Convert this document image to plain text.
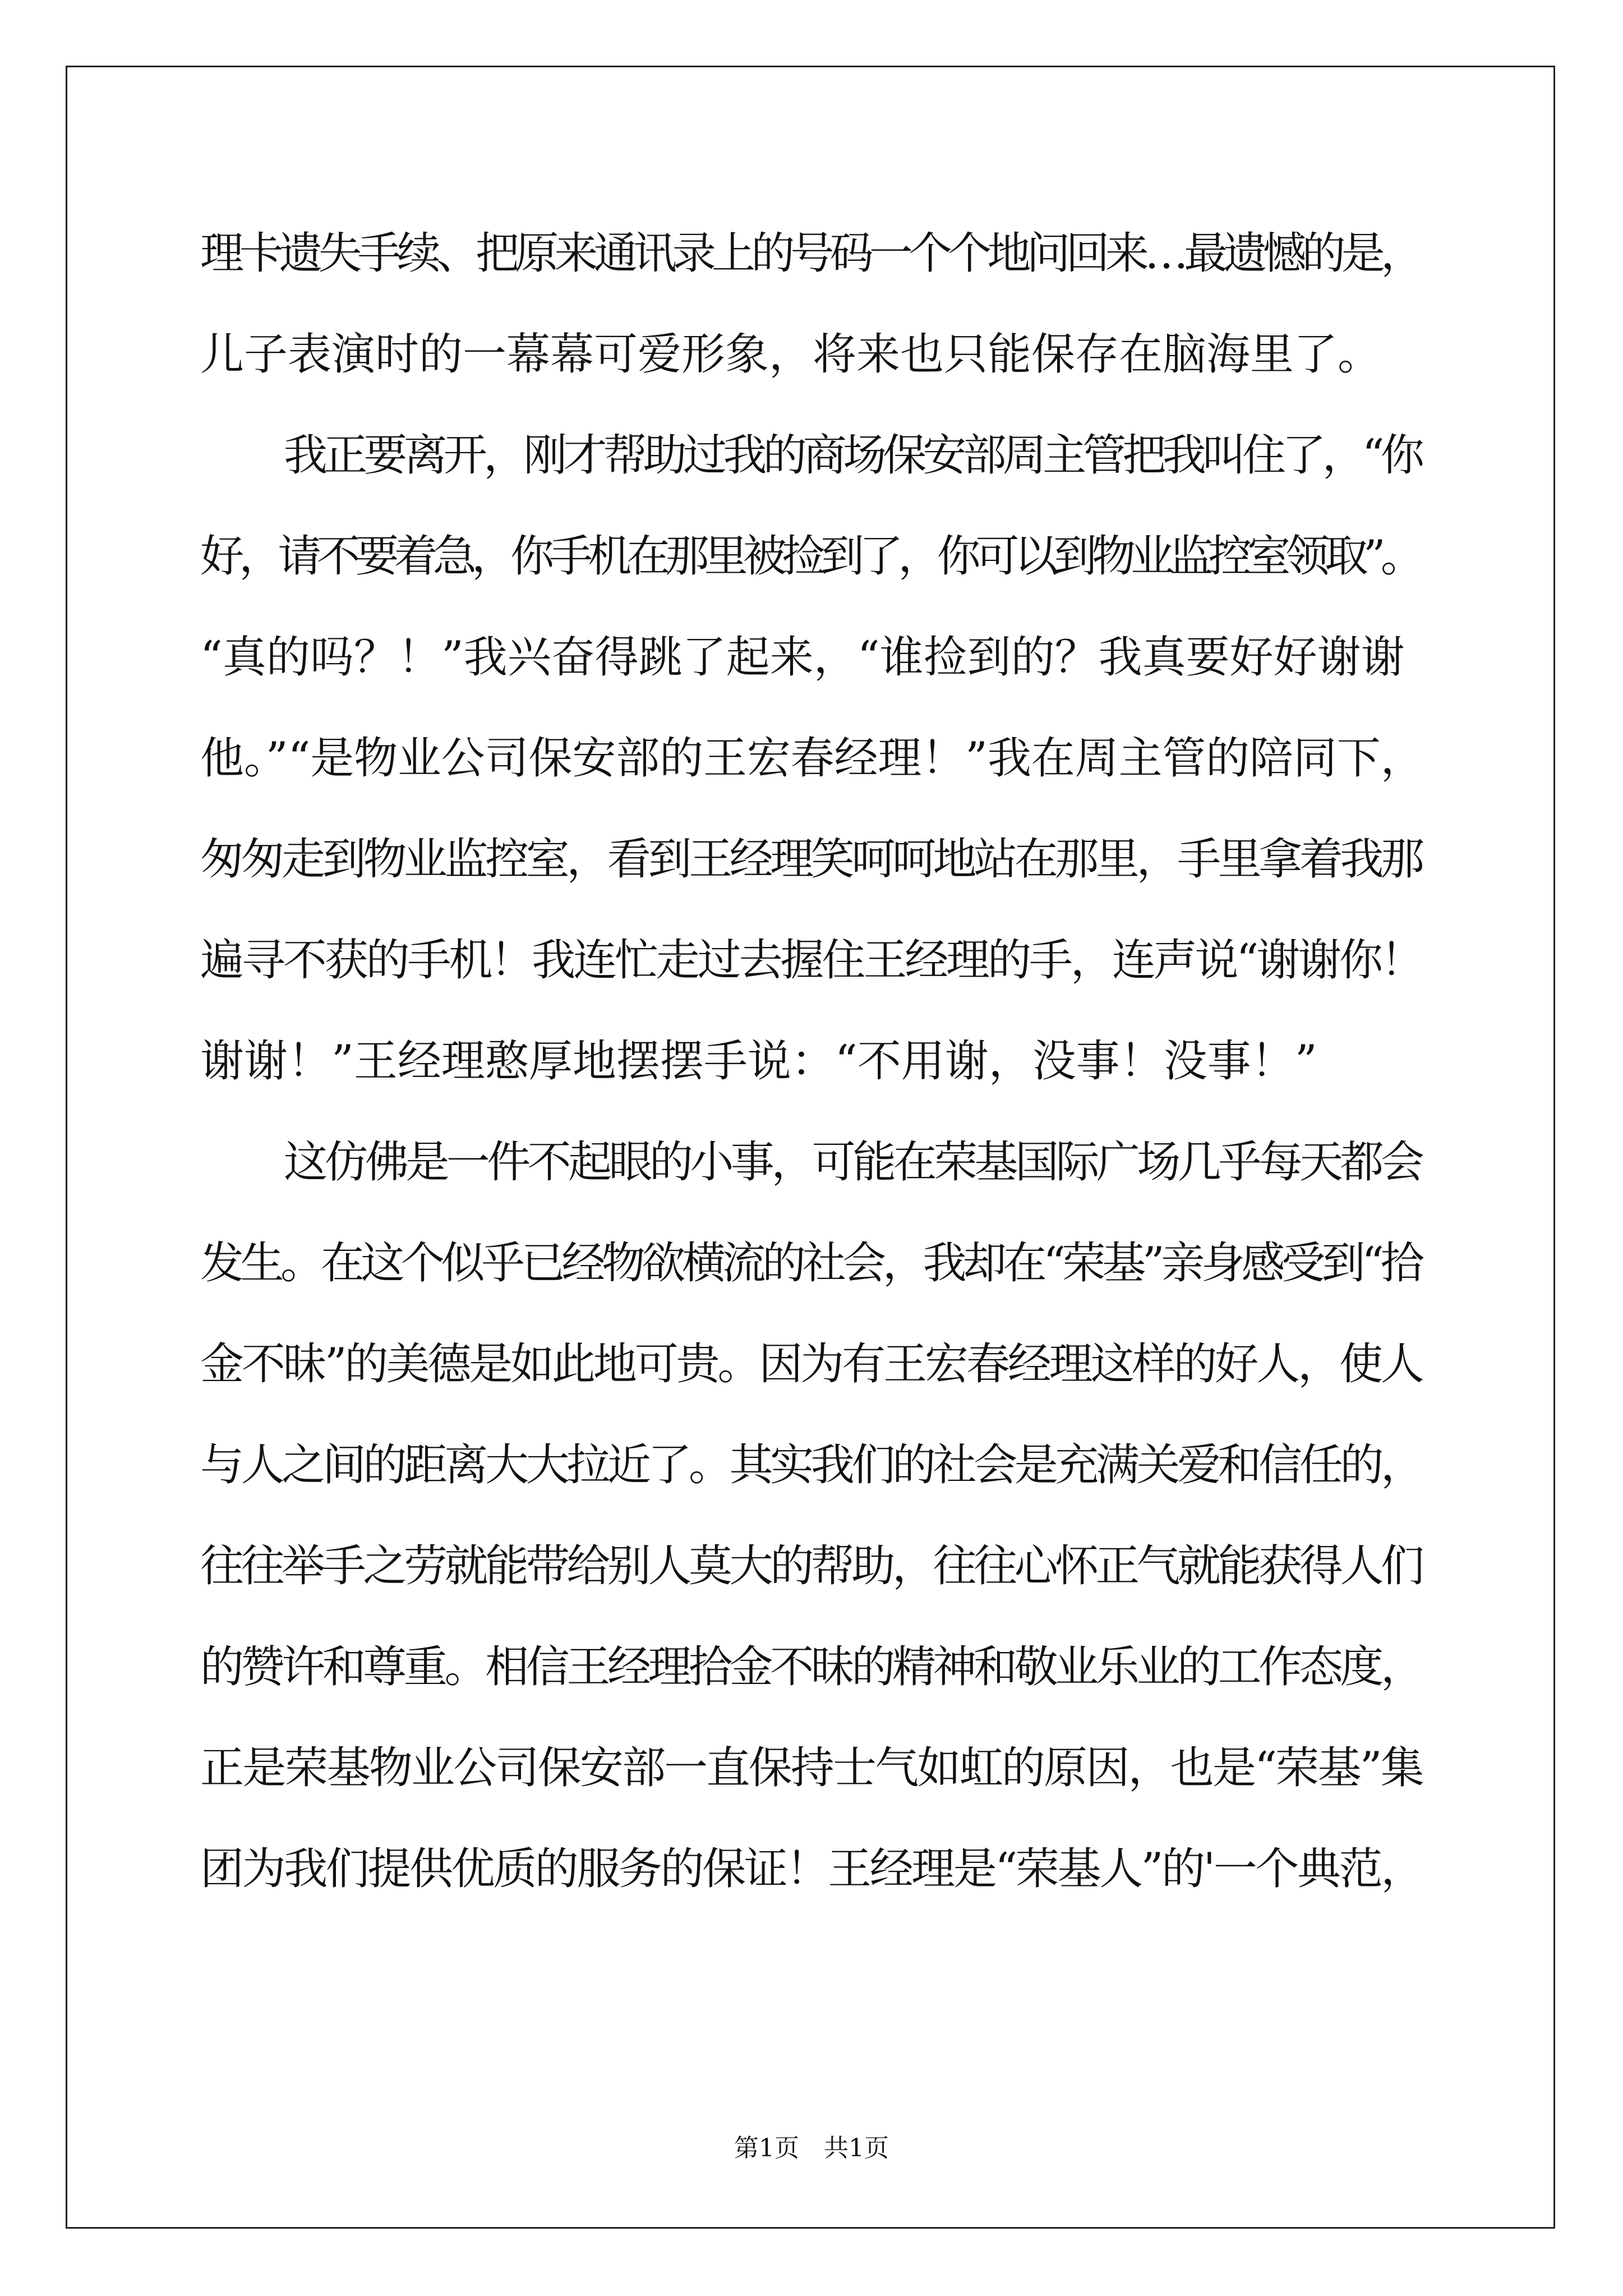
理卡遗失手续、把原来通讯录上的号码一个个地问回来…最遗憾的是，
儿子表演时的一幕幕可爱形象，将来也只能保存在脑海里了。
我正要离开，刚才帮助过我的商场保安部周主管把我叫住了，“你
好，请不要着急，你手机在那里被捡到了，你可以到物业监控室领取”。
“真的吗？！”我兴奋得跳了起来，“谁捡到的？我真要好好谢谢
他。”“是物业公司保安部的王宏春经理！”我在周主管的陪同下，
匆匆走到物业监控室，看到王经理笑呵呵地站在那里，手里拿着我那
遍寻不获的手机！我连忙走过去握住王经理的手，连声说“谢谢你！
谢谢！”王经理憨厚地摆摆手说：“不用谢，没事！没事！”
这仿佛是一件不起眼的小事，可能在荣基国际广场几乎每天都会
发生。在这个似乎已经物欲横流的社会，我却在“荣基”亲身感受到“拾
金不昧”的美德是如此地可贵。因为有王宏春经理这样的好人，使人
与人之间的距离大大拉近了。其实我们的社会是充满关爱和信任的，
往往举手之劳就能带给别人莫大的帮助，往往心怀正气就能获得人们
的赞许和尊重。相信王经理拾金不昧的精神和敬业乐业的工作态度，
正是荣基物业公司保安部一直保持士气如虹的原因，也是“荣基”集
团为我们提供优质的服务的保证！王经理是“荣基人”的'一个典范，
第1页　共1页
